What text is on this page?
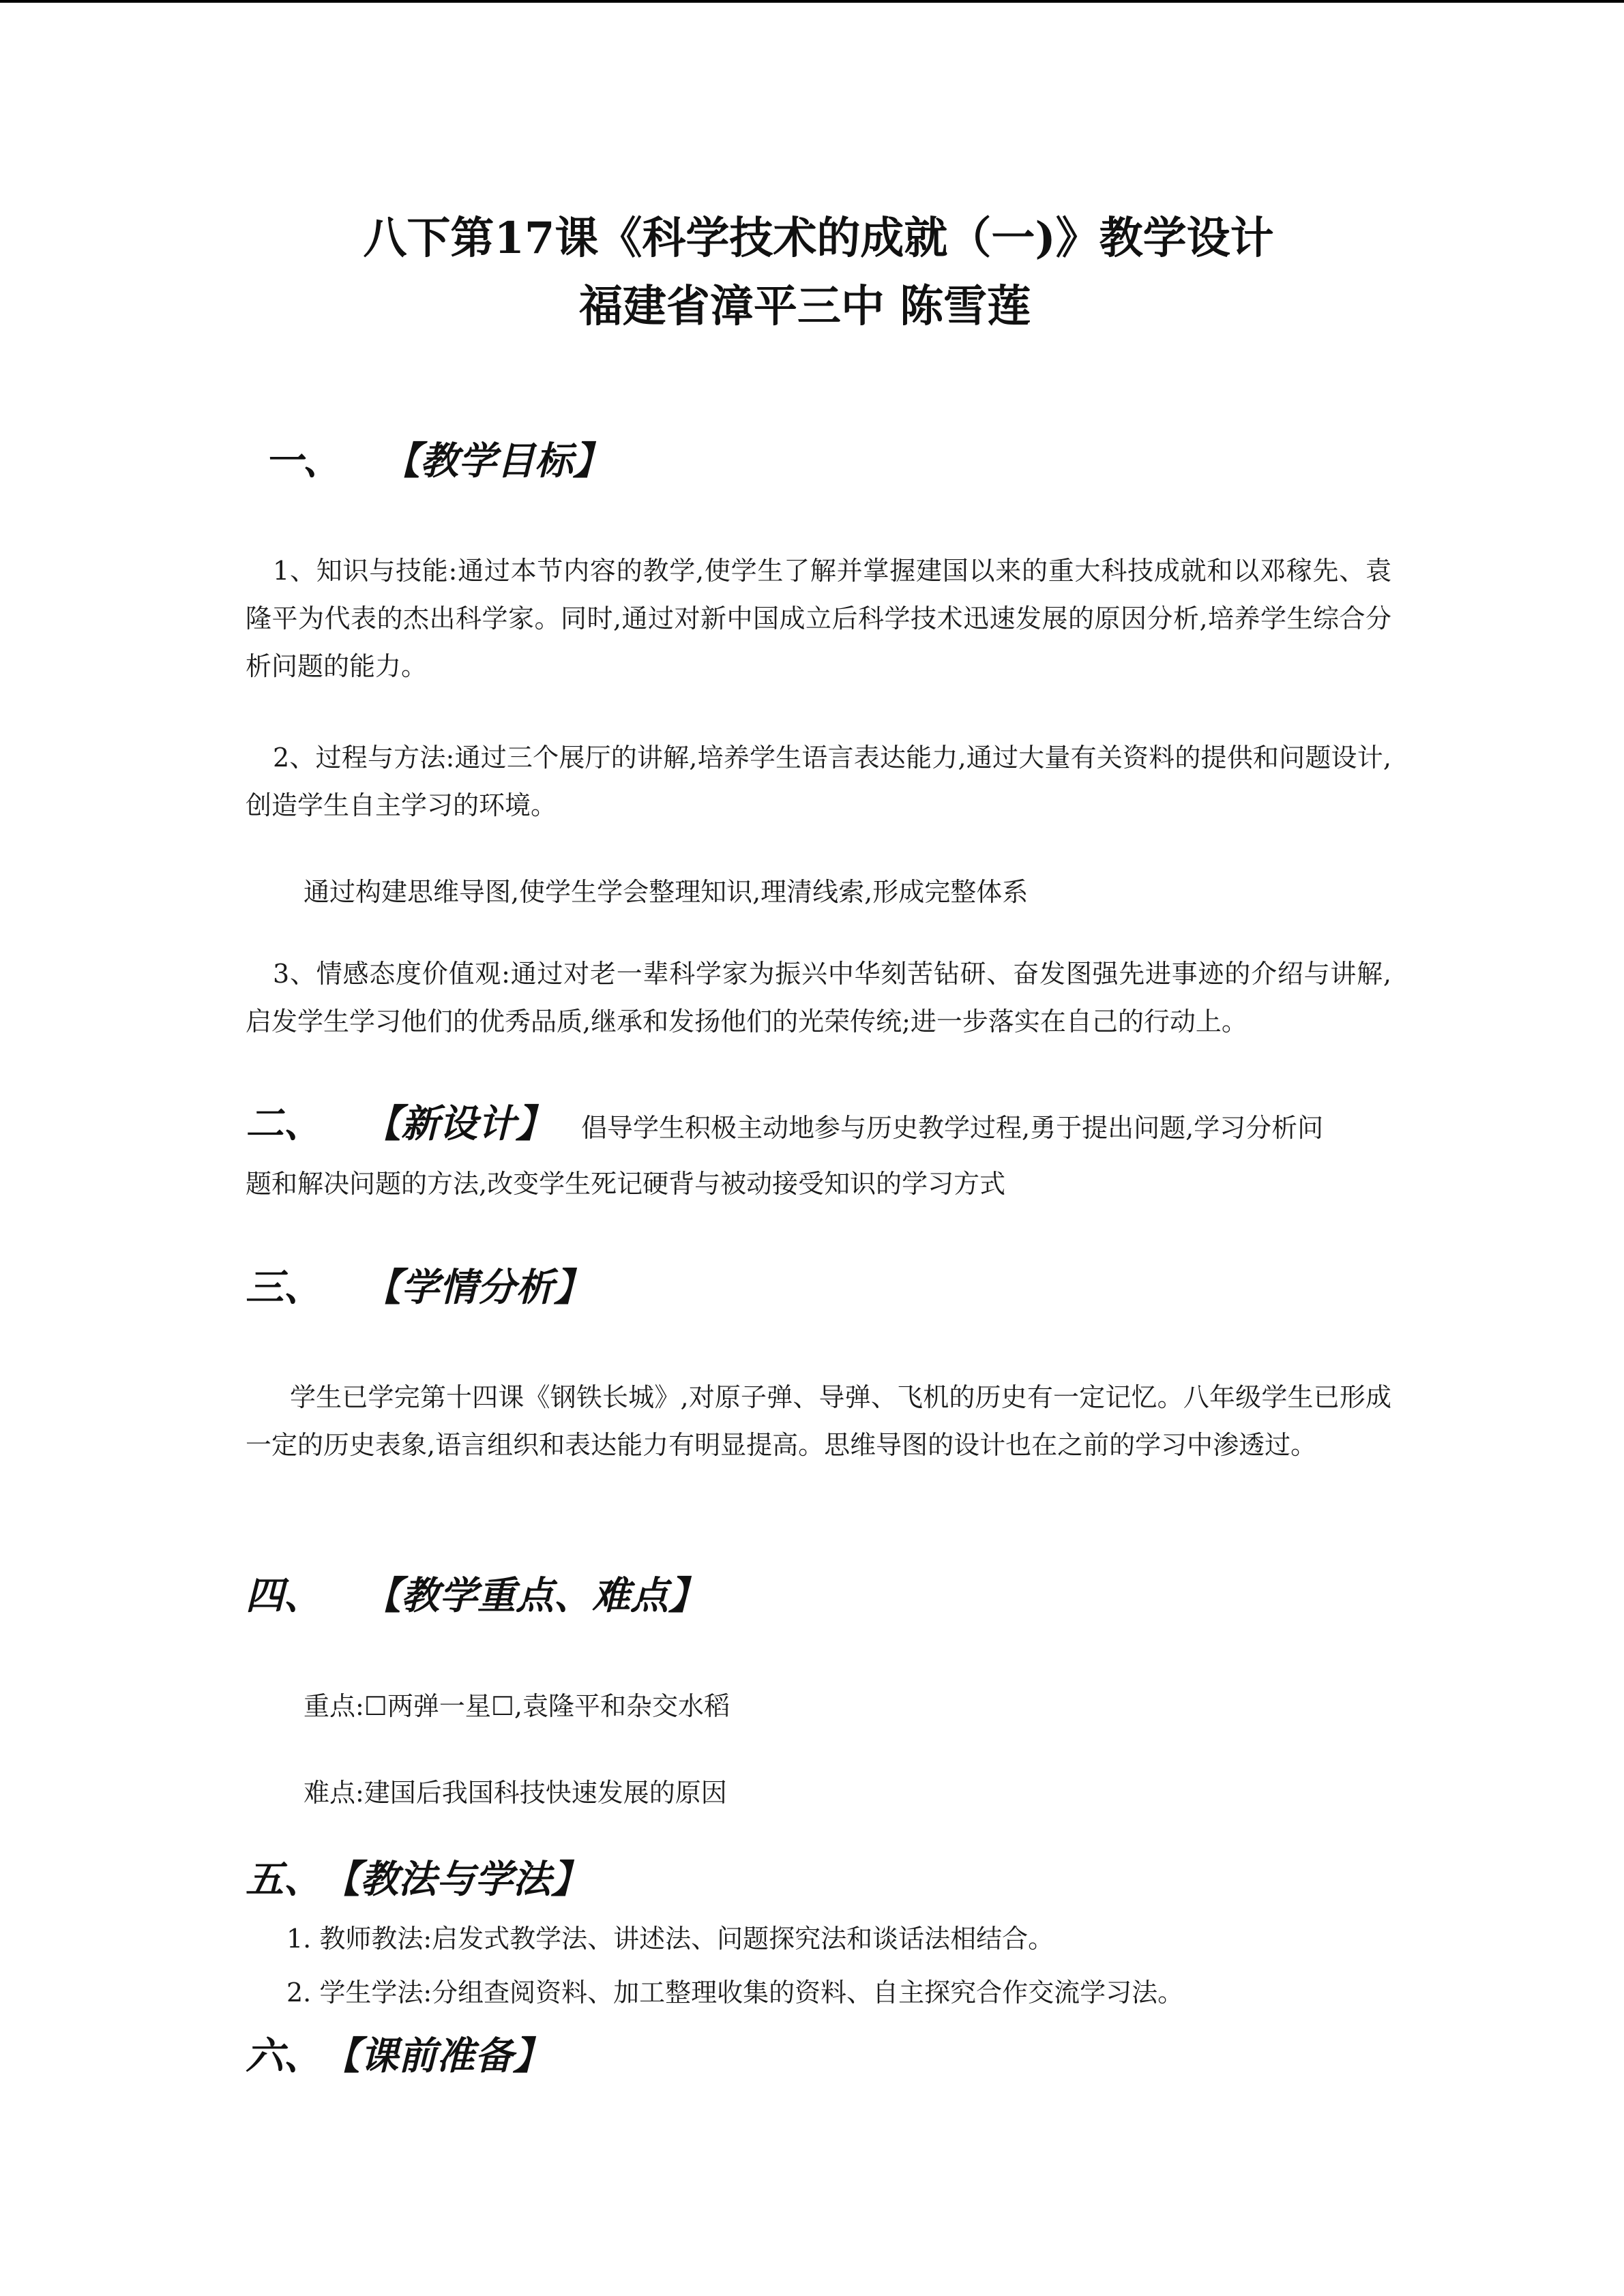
八下第17课《科学技术的成就（一)》教学设计
福建省漳平三中 陈雪莲
一、 【教学目标】
1、知识与技能:通过本节内容的教学,使学生了解并掌握建国以来的重大科技成就和以邓稼先、袁隆平为代表的杰出科学家。同时,通过对新中国成立后科学技术迅速发展的原因分析,培养学生综合分析问题的能力。
2、过程与方法:通过三个展厅的讲解,培养学生语言表达能力,通过大量有关资料的提供和问题设计,创造学生自主学习的环境。
通过构建思维导图,使学生学会整理知识,理清线索,形成完整体系
3、情感态度价值观:通过对老一辈科学家为振兴中华刻苦钻研、奋发图强先进事迹的介绍与讲解,启发学生学习他们的优秀品质,继承和发扬他们的光荣传统;进一步落实在自己的行动上。
二、 【新设计】 倡导学生积极主动地参与历史教学过程,勇于提出问题,学习分析问
题和解决问题的方法,改变学生死记硬背与被动接受知识的学习方式
三、 【学情分析】
学生已学完第十四课《钢铁长城》,对原子弹、导弹、飞机的历史有一定记忆。八年级学生已形成一定的历史表象,语言组织和表达能力有明显提高。思维导图的设计也在之前的学习中渗透过。
四、 【教学重点、难点】
重点:☐两弹一星☐,袁隆平和杂交水稻
难点:建国后我国科技快速发展的原因
五、【教法与学法】
1. 教师教法:启发式教学法、讲述法、问题探究法和谈话法相结合。
2. 学生学法:分组查阅资料、加工整理收集的资料、自主探究合作交流学习法。
六、【课前准备】
